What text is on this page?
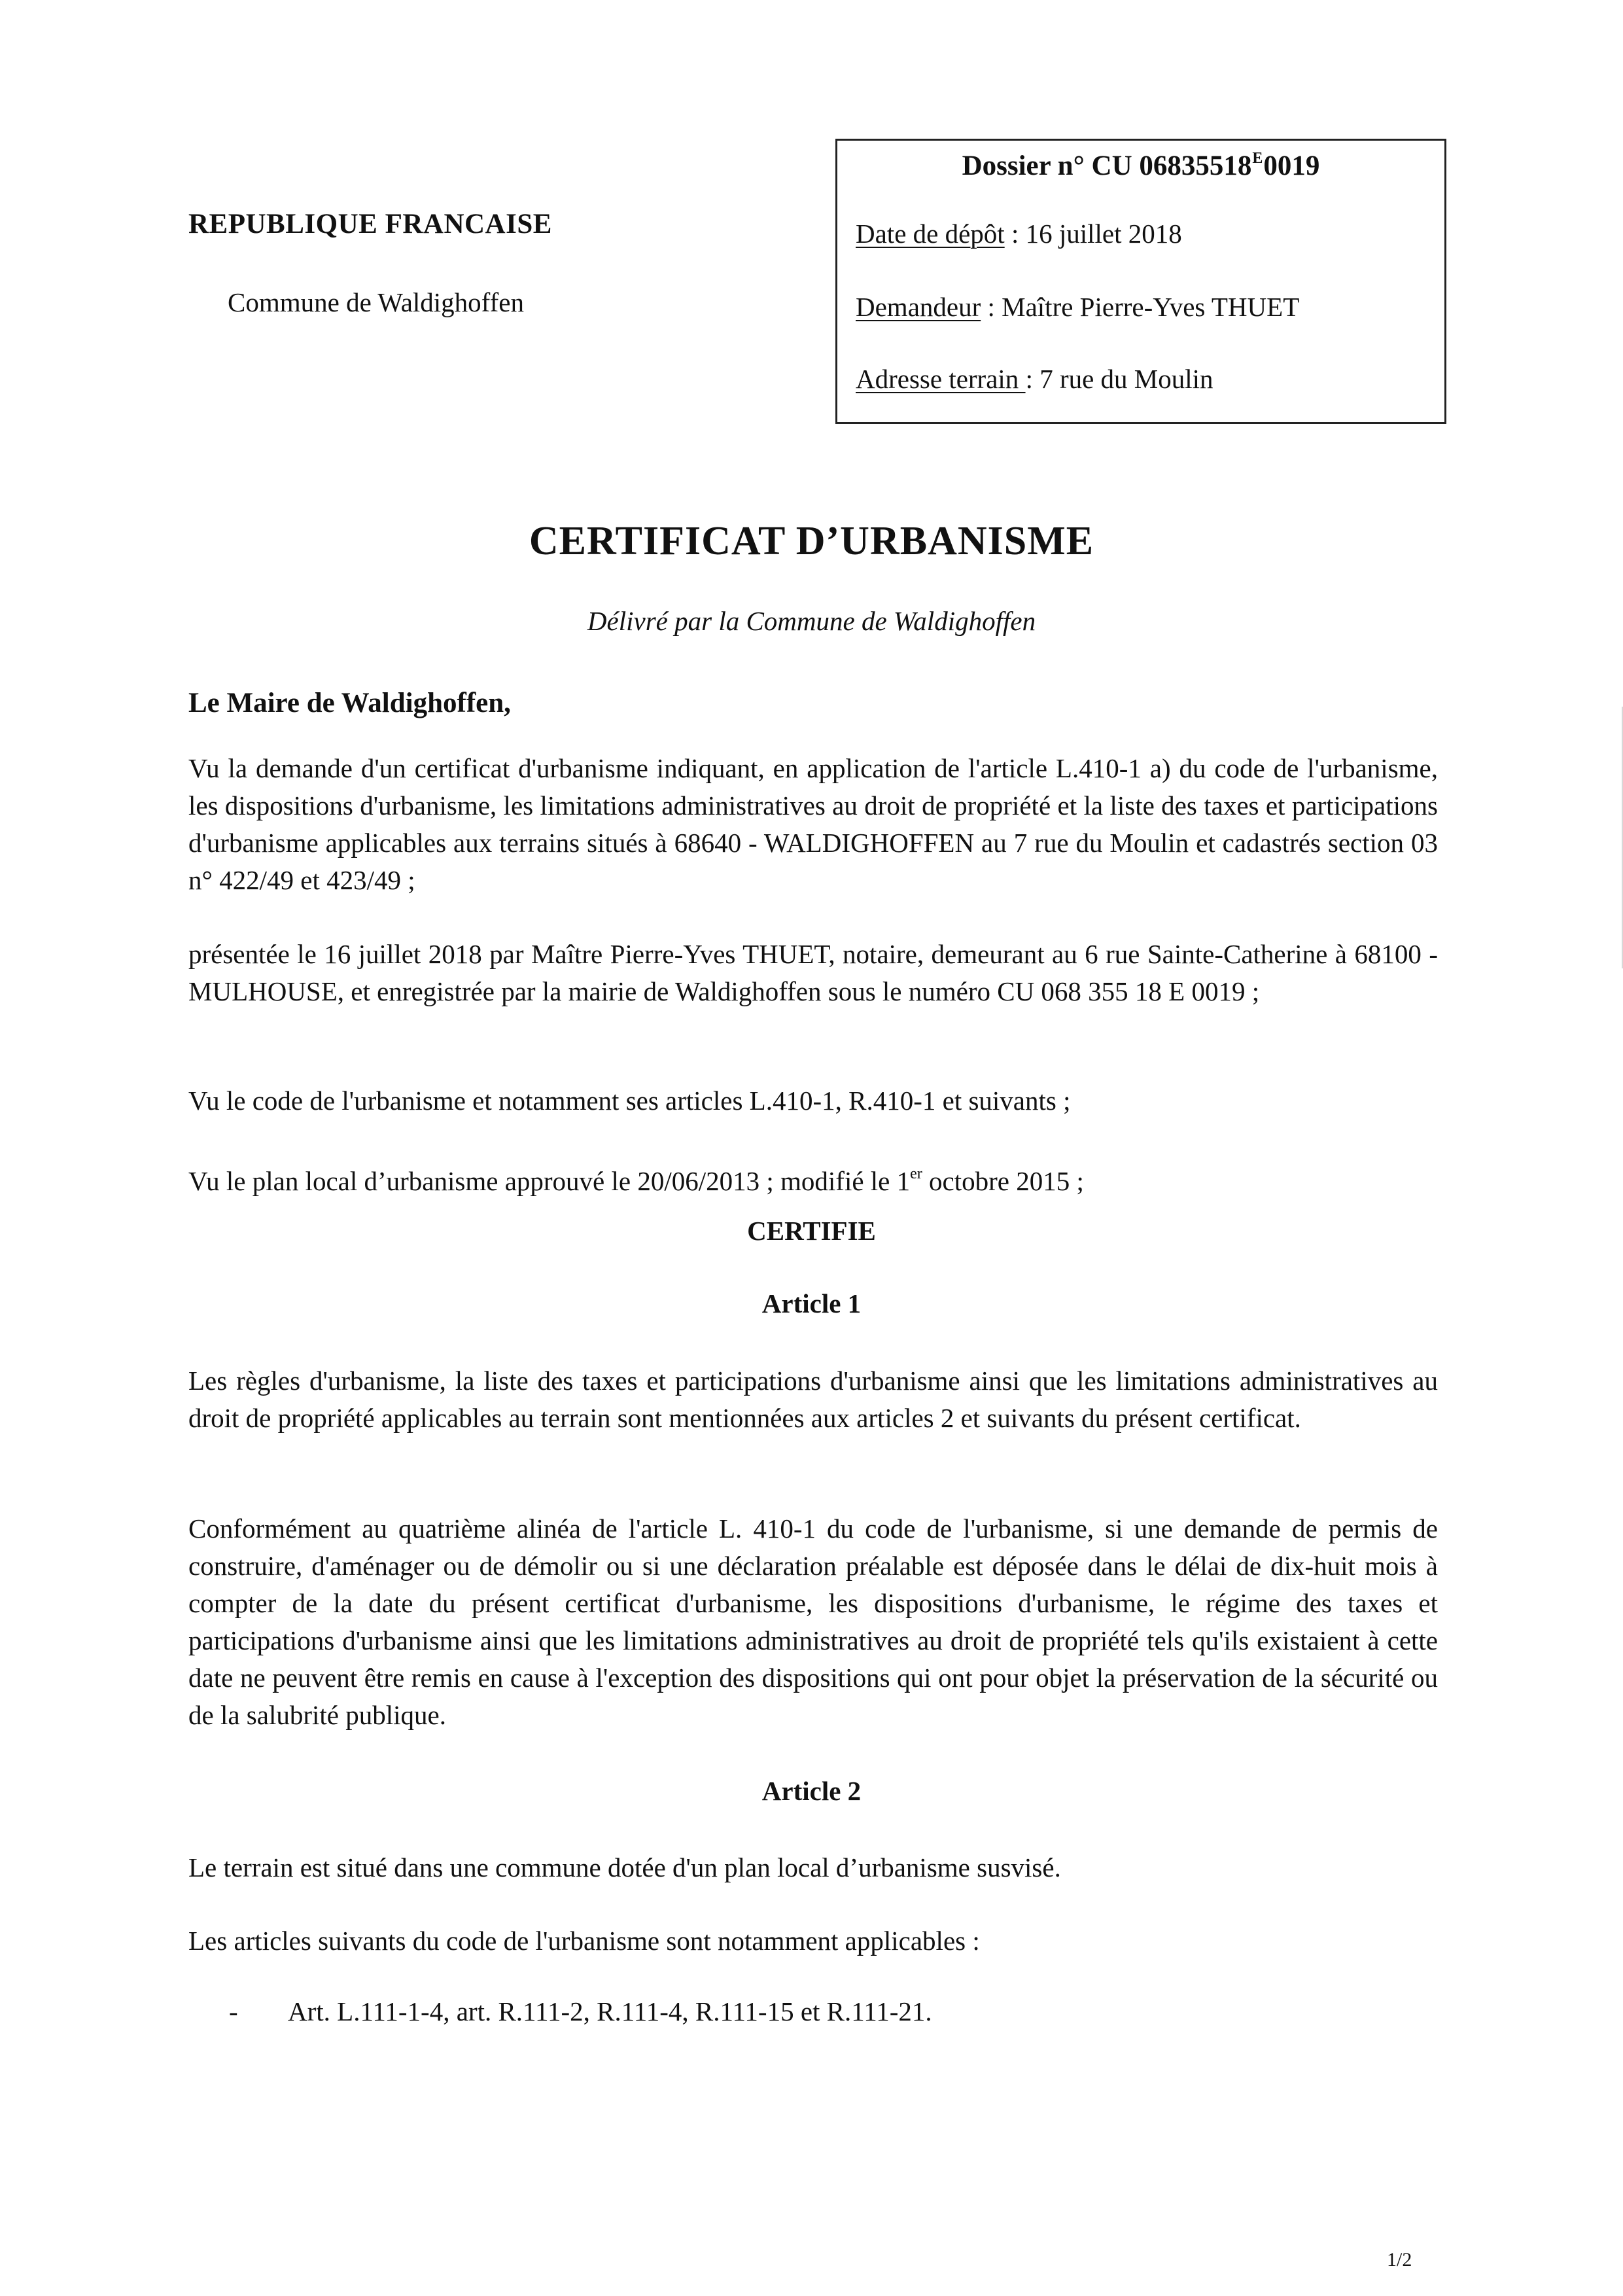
REPUBLIQUE FRANCAISE
Commune de Waldighoffen
Dossier n° CU $06835518^E0019$
Date de dépôt : 16 juillet 2018
Demandeur : Maître Pierre-Yves THUET
Adresse terrain : 7 rue du Moulin
CERTIFICAT D’URBANISME
Délivré par la Commune de Waldighoffen
Le Maire de Waldighoffen,

Vu la demande d'un certificat d'urbanisme indiquant, en application de l'article L.410-1 a) du code de l'urbanisme, les dispositions d'urbanisme, les limitations administratives au droit de propriété et la liste des taxes et participations d'urbanisme applicables aux terrains situés à 68640 - WALDIGHOFFEN au 7 rue du Moulin et cadastrés section 03 n° 422/49 et 423/49 ;

présentée le 16 juillet 2018 par Maître Pierre-Yves THUET, notaire, demeurant au 6 rue Sainte-Catherine à 68100 - MULHOUSE, et enregistrée par la mairie de Waldighoffen sous le numéro CU 068 355 18 E 0019 ;

Vu le code de l'urbanisme et notamment ses articles L.410-1, R.410-1 et suivants ;

Vu le plan local d’urbanisme approuvé le 20/06/2013 ; modifié le 1er octobre 2015 ;

CERTIFIE
Article 1

Les règles d'urbanisme, la liste des taxes et participations d'urbanisme ainsi que les limitations administratives au droit de propriété applicables au terrain sont mentionnées aux articles 2 et suivants du présent certificat.

Conformément au quatrième alinéa de l'article L. 410-1 du code de l'urbanisme, si une demande de permis de construire, d'aménager ou de démolir ou si une déclaration préalable est déposée dans le délai de dix-huit mois à compter de la date du présent certificat d'urbanisme, les dispositions d'urbanisme, le régime des taxes et participations d'urbanisme ainsi que les limitations administratives au droit de propriété tels qu'ils existaient à cette date ne peuvent être remis en cause à l'exception des dispositions qui ont pour objet la préservation de la sécurité ou de la salubrité publique.

Article 2

Le terrain est situé dans une commune dotée d'un plan local d’urbanisme susvisé.

Les articles suivants du code de l'urbanisme sont notamment applicables :

- Art. L.111-1-4, art. R.111-2, R.111-4, R.111-15 et R.111-21.
1/2
